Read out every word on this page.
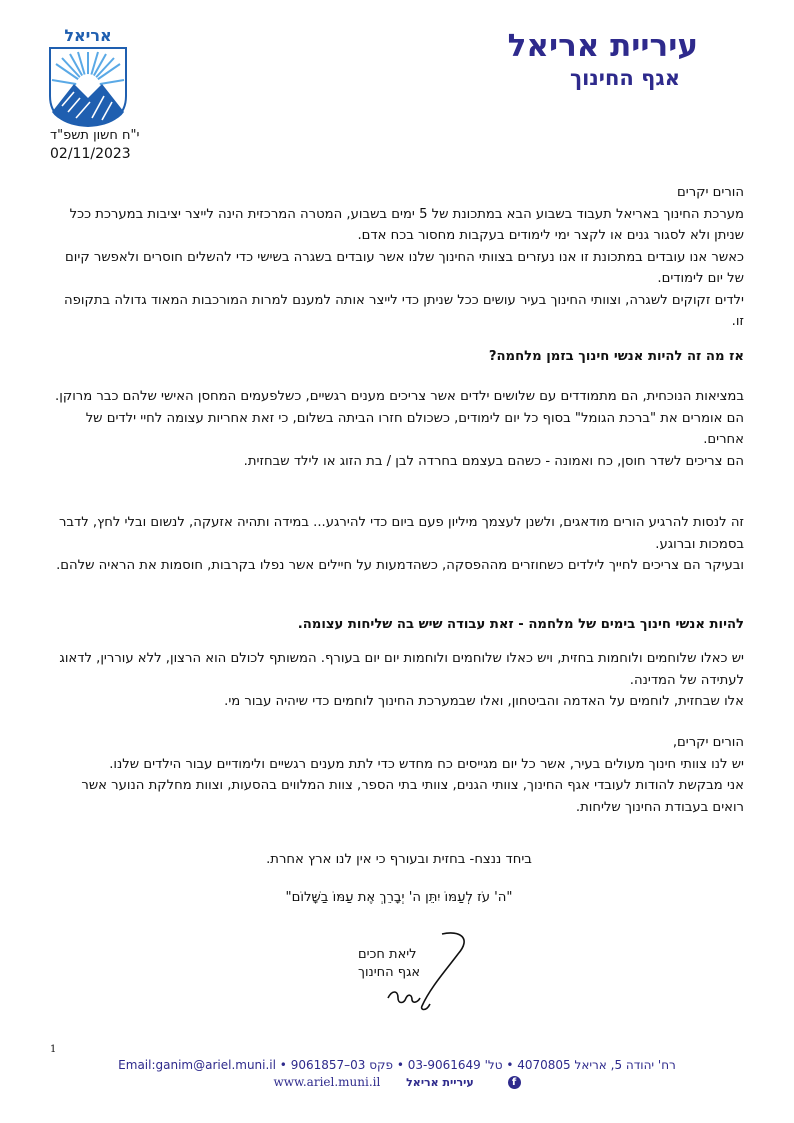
אריאל	עיריית אריאל
אגף החינוך
י"ח חשון תשפ"ד
02/11/2023

הורים יקרים

מערכת החינוך באריאל תעבוד בשבוע הבא במתכונת של 5 ימים בשבוע, המטרה המרכזית הינה לייצר יציבות במערכת ככל שניתן ולא לסגור גנים או לקצר ימי לימודים בעקבות מחסור בכח אדם.

כאשר אנו עובדים במתכונת זו אנו נעזרים בצוותי החינוך שלנו אשר עובדים בשגרה בשישי כדי להשלים חוסרים ולאפשר קיום של יום לימודים.

ילדים זקוקים לשגרה, וצוותי החינוך בעיר עושים ככל שניתן כדי לייצר אותה למענם למרות המורכבות המאוד גדולה בתקופה זו.

אז מה זה להיות אנשי חינוך בזמן מלחמה?

במציאות הנוכחית, הם מתמודדים עם שלושים ילדים אשר צריכים מענים רגשיים, כשלפעמים המחסן האישי שלהם כבר מרוקן.

הם אומרים את "ברכת הגומל" בסוף כל יום לימודים, כשכולם חזרו הביתה בשלום, כי זאת אחריות עצומה לחיי ילדים של אחרים.

הם צריכים לשדר חוסן, כח ואמונה - כשהם בעצמם בחרדה לבן / בת הזוג או לילד שבחזית.

זה לנסות להרגיע הורים מודאגים, ולשנן לעצמך מיליון פעם ביום כדי להירגע... במידה ותהיה אזעקה, לנשום ובלי לחץ, לדבר בסמכות וברוגע.

ובעיקר הם צריכים לחייך לילדים כשחוזרים מההפסקה, כשהדמעות על חיילים אשר נפלו בקרבות, חוסמות את הראיה שלהם.

להיות אנשי חינוך בימים של מלחמה - זאת עבודה שיש בה שליחות עצומה.

יש כאלו שלוחמים ולוחמות בחזית, ויש כאלו שלוחמים ולוחמות יום יום בעורף. המשותף לכולם הוא הרצון, ללא עוררין, לדאוג לעתידה של המדינה.

אלו שבחזית, לוחמים על האדמה והביטחון, ואלו שבמערכת החינוך לוחמים כדי שיהיה עבור מי.

הורים יקרים,

יש לנו צוותי חינוך מעולים בעיר, אשר כל יום מגייסים כח מחדש כדי לתת מענים רגשיים ולימודיים עבור הילדים שלנו.

אני מבקשת להודות לעובדי אגף החינוך, צוותי הגנים, צוותי בתי הספר, צוות המלווים בהסעות, וצוות מחלקת הנוער אשר רואים בעבודת החינוך שליחות.

ביחד ננצח- בחזית ובעורף כי אין לנו ארץ אחרת.
"ה' עֹז לְעַמּוֹ יִתֵּן ה' יְבָרֵךְ אֶת עַמּוֹ בַשָּׁלוֹם"
ליאת חכים
אגף החינוך
1
רח' יהודה 5, אריאל 4070805 • טל' 03-9061649 • פקס 03–9061857 • Email:ganim@ariel.muni.il
www.ariel.muni.il עיריית אריאל	f
